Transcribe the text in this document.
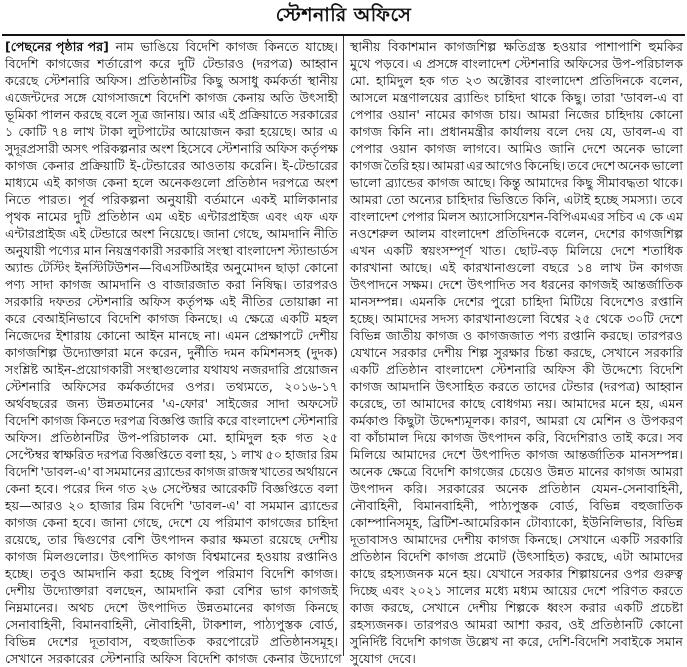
স্টেশনারি অফিসে
[পেছনের পৃষ্ঠার পর] নাম ভাঙিয়ে বিদেশি কাগজ কিনতে যাচ্ছে।
বিদেশি কাগজের শর্তারোপ করে দুটি টেন্ডারও (দরপত্র) আহ্বান
করেছে স্টেশনারি অফিস। প্রতিষ্ঠানটির কিছু অসাধু কর্মকর্তা স্থানীয়
এজেন্টদের সঙ্গে যোগসাজশে বিদেশি কাগজ কেনায় অতি উৎসাহী
ভূমিকা পালন করছে বলে সূত্র জানায়। আর এই প্রক্রিয়াতে সরকারের
১ কোটি ৭৪ লাখ টাকা লুটপাটের আয়োজন করা হয়েছে। আর এ
সুদূরপ্রসারী অসৎ পরিকল্পনার অংশ হিসেবে স্টেশনারি অফিস কর্তৃপক্ষ
কাগজ কেনার প্রক্রিয়াটি ই-টেন্ডারের আওতায় করেনি। ই-টেন্ডারের
মাধ্যমে এই কাগজ কেনা হলে অনেকগুলো প্রতিষ্ঠান দরপত্রে অংশ
নিতে পারত। পূর্ব পরিকল্পনা অনুযায়ী বর্তমানে একই মালিকানার
পৃথক নামের দুটি প্রতিষ্ঠান এম এইচ এন্টারপ্রাইজ এবং এফ এফ
এন্টারপ্রাইজ এই টেন্ডারে অংশ নিয়েছে। জানা গেছে, আমদানি নীতি
অনুযায়ী পণ্যের মান নিয়ন্ত্রণকারী সরকারি সংস্থা বাংলাদেশ স্ট্যান্ডার্ডস
অ্যান্ড টেস্টিং ইনস্টিটিউশন—বিএসটিআইর অনুমোদন ছাড়া কোনো
পণ্য সাদা কাগজ আমদানি ও বাজারজাত করা নিষিদ্ধ। তারপরও
সরকারি দফতর স্টেশনারি অফিস কর্তৃপক্ষ এই নীতির তোয়াক্কা না
করে বেআইনিভাবে বিদেশি কাগজ কিনছে। এ ক্ষেত্রে একটি মহল
নিজেদের ইশারায় কোনো আইন মানছে না। এমন প্রেক্ষাপটে দেশীয়
কাগজশিল্প উদ্যোক্তারা মনে করেন, দুর্নীতি দমন কমিশনসহ (দুদক)
সংশ্লিষ্ট আইন-প্রয়োগকারী সংস্থাগুলোর যথাযথ নজরদারি প্রয়োজন
স্টেশনারি অফিসের কর্মকর্তাদের ওপর। তথ্যমতে, ২০১৬-১৭
অর্থবছরের জন্য উন্নতমানের 'এ-ফোর' সাইজের সাদা অফসেট
বিদেশি কাগজ কিনতে দরপত্র বিজ্ঞপ্তি জারি করে বাংলাদেশ স্টেশনারি
অফিস। প্রতিষ্ঠানটির উপ-পরিচালক মো. হামিদুল হক গত ২৫
সেপ্টেম্বর স্বাক্ষরিত দরপত্র বিজ্ঞপ্তিতে বলা হয়, ১ লাখ ৫০ হাজার রিম
বিদেশি 'ডাবল-এ' বা সমমানের ব্র্যান্ডের কাগজ রাজস্ব খাতের অর্থায়নে
কেনা হবে। পরের দিন গত ২৬ সেপ্টেম্বর আরেকটি বিজ্ঞপ্তিতে বলা
হয়—আরও ২০ হাজার রিম বিদেশি 'ডাবল-এ' বা সমমান ব্র্যান্ডের
কাগজ কেনা হবে। জানা গেছে, দেশে যে পরিমাণ কাগজের চাহিদা
রয়েছে, তার দ্বিগুণের বেশি উৎপাদন করার ক্ষমতা রয়েছে দেশীয়
কাগজ মিলগুলোর। উৎপাদিত কাগজ বিশ্বমানের হওয়ায় রপ্তানিও
হচ্ছে। তবুও আমদানি করা হচ্ছে বিপুল পরিমাণ বিদেশি কাগজ।
দেশীয় উদ্যোক্তারা বলছেন, আমদানি করা বেশির ভাগ কাগজই
নিম্নমানের। অথচ দেশে উৎপাদিত উন্নতমানের কাগজ কিনছে
সেনাবাহিনী, বিমানবাহিনী, নৌবাহিনী, টাকশাল, পাঠ্যপুস্তক বোর্ড,
বিভিন্ন দেশের দূতাবাস, বহুজাতিক করপোরেট প্রতিষ্ঠানসমূহ।
সেখানে সরকারের স্টেশনারি অফিস বিদেশি কাগজ কেনার উদ্যোগে
স্থানীয় বিকাশমান কাগজশিল্প ক্ষতিগ্রস্ত হওয়ার পাশাপাশি হুমকির
মুখে পড়বে। এ প্রসঙ্গে বাংলাদেশ স্টেশনারি অফিসের উপ-পরিচালক
মো. হামিদুল হক গত ২৩ অক্টোবর বাংলাদেশ প্রতিদিনকে বলেন,
আসলে মন্ত্রণালয়ের ব্র্যান্ডিং চাহিদা থাকে কিছু। তারা 'ডাবল-এ বা
পেপার ওয়ান' নামের কাগজ চায়। আমরা নিজের চাহিদায় কোনো
কাগজ কিনি না। প্রধানমন্ত্রীর কার্যালয় বলে দেয় যে, ডাবল-এ বা
পেপার ওয়ান কাগজ লাগবে। আমিও জানি দেশে অনেক ভালো
কাগজ তৈরি হয়। আমরা এর আগেও কিনেছি। তবে দেশে অনেক ভালো
ভালো ব্র্যান্ডের কাগজ আছে। কিন্তু আমাদের কিছু সীমাবদ্ধতা থাকে।
আমরা তো অন্যের চাহিদার ভিত্তিতে কিনি, এটাই হচ্ছে সমস্যা। তবে
বাংলাদেশ পেপার মিলস অ্যাসোসিয়েশন-বিপিএমএর সচিব এ কে এম
নওশেরুল আলম বাংলাদেশ প্রতিদিনকে বলেন, দেশের কাগজশিল্প
এখন একটি স্বয়ংসম্পূর্ণ খাত। ছোট-বড় মিলিয়ে দেশে শতাধিক
কারখানা আছে। এই কারখানাগুলো বছরে ১৪ লাখ টন কাগজ
উৎপাদনে সক্ষম। দেশে উৎপাদিত সব ধরনের কাগজই আন্তর্জাতিক
মানসম্পন্ন। এমনকি দেশের পুরো চাহিদা মিটিয়ে বিদেশেও রপ্তানি
হচ্ছে। আমাদের সদস্য কারখানাগুলো বিশ্বের ২৫ থেকে ৩০টি দেশে
বিভিন্ন জাতীয় কাগজ ও কাগজজাত পণ্য রপ্তানি করছে। তারপরও
যেখানে সরকার দেশীয় শিল্প সুরক্ষার চিন্তা করছে, সেখানে সরকারি
একটি প্রতিষ্ঠান বাংলাদেশ স্টেশনারি অফিস কী উদ্দেশ্যে বিদেশি
কাগজ আমদানি উৎসাহিত করতে তাদের টেন্ডার (দরপত্র) আহ্বান
করেছে, তা আমাদের কাছে বোধগম্য নয়। আমাদের মনে হয়, এমন
কর্মকাণ্ড কিছুটা উদ্দেশ্যমূলক। কারণ, আমরা যে মেশিন ও উপকরণ
বা কাঁচামাল দিয়ে কাগজ উৎপাদন করি, বিদেশিরাও তাই করে। সব
মিলিয়ে আমাদের দেশে উৎপাদিত কাগজ আন্তর্জাতিক মানসম্পন্ন।
অনেক ক্ষেত্রে বিদেশি কাগজের চেয়েও উন্নত মানের কাগজ আমরা
উৎপাদন করি। সরকারের অনেক প্রতিষ্ঠান যেমন-সেনাবাহিনী,
নৌবাহিনী, বিমানবাহিনী, পাঠ্যপুস্তক বোর্ড, বিভিন্ন বহুজাতিক
কোম্পানিসমূহ, ব্রিটিশ-আমেরিকান টোব্যাকো, ইউনিলিভার, বিভিন্ন
দূতাবাসও আমাদের দেশীয় কাগজ কিনছে। সেখানে একটি সরকারি
প্রতিষ্ঠান বিদেশি কাগজ প্রমোট (উৎসাহিত) করছে, এটা আমাদের
কাছে রহস্যজনক মনে হয়। যেখানে সরকার শিল্পায়নের ওপর গুরুত্ব
দিচ্ছে এবং ২০২১ সালের মধ্যে মধ্যম আয়ের দেশে পরিণত করতে
কাজ করছে, সেখানে দেশীয় শিল্পকে ধ্বংস করার একটি প্রচেষ্টা
রহস্যজনক। তারপরও আমরা আশা করব, ওই প্রতিষ্ঠানটি কোনো
সুনির্দিষ্ট বিদেশি কাগজ উল্লেখ না করে, দেশি-বিদেশি সবাইকে সমান
সুযোগ দেবে।
